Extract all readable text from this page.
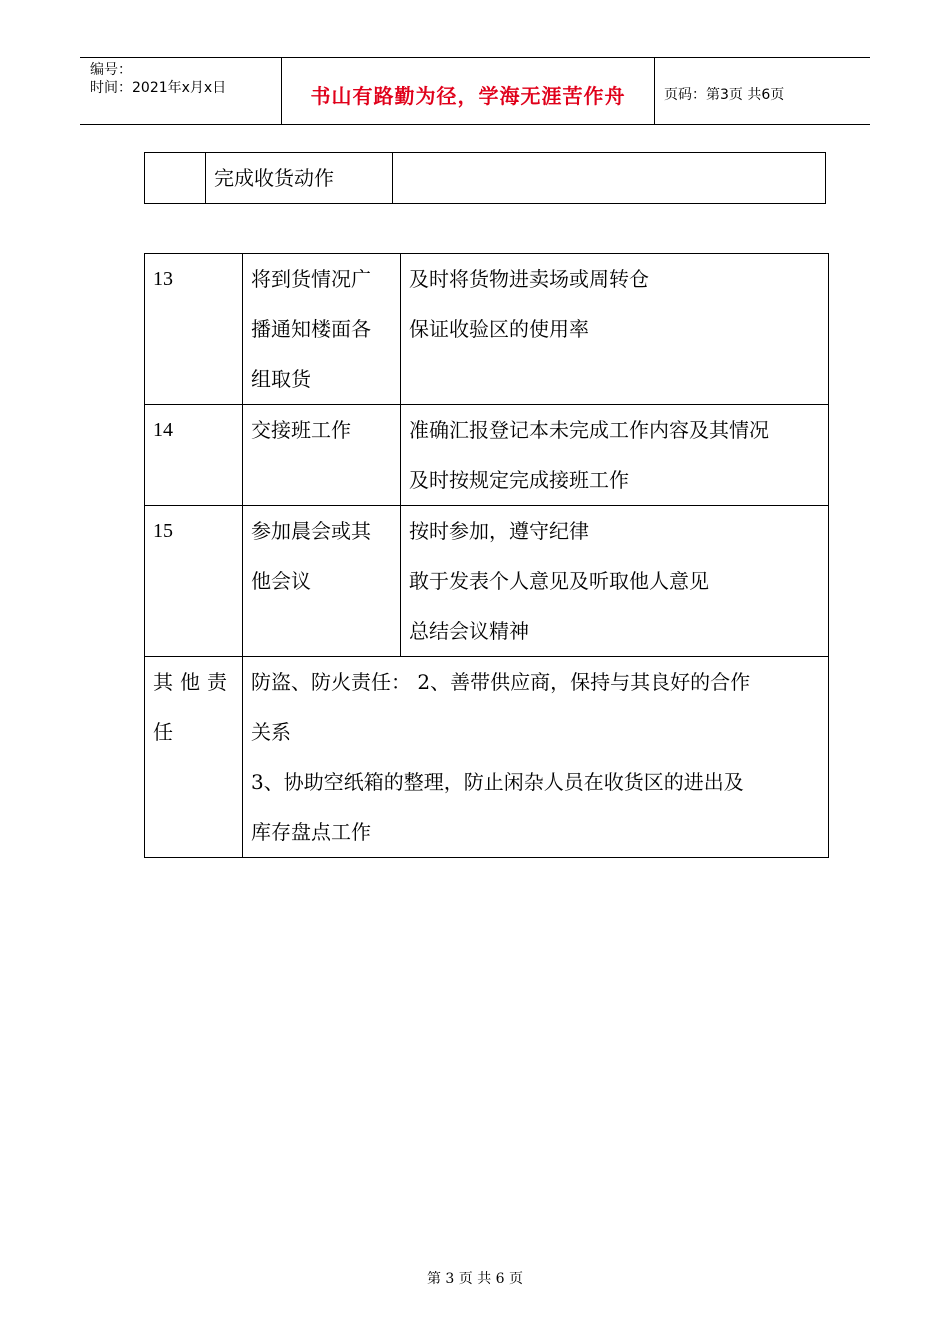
编号：
时间：2021年x月x日	书山有路勤为径，学海无涯苦作舟	页码：第3页 共6页
	完成收货动作	
13	将到货情况广
播通知楼面各
组取货	及时将货物进卖场或周转仓
保证收验区的使用率

14	交接班工作	准确汇报登记本未完成工作内容及其情况
及时按规定完成接班工作

15	参加晨会或其
他会议	按时参加，遵守纪律
敢于发表个人意见及听取他人意见
总结会议精神

其他责
任	防盗、防火责任： 2、善带供应商，保持与其良好的合作
关系
3、协助空纸箱的整理，防止闲杂人员在收货区的进出及
库存盘点工作	
第 3 页 共 6 页
